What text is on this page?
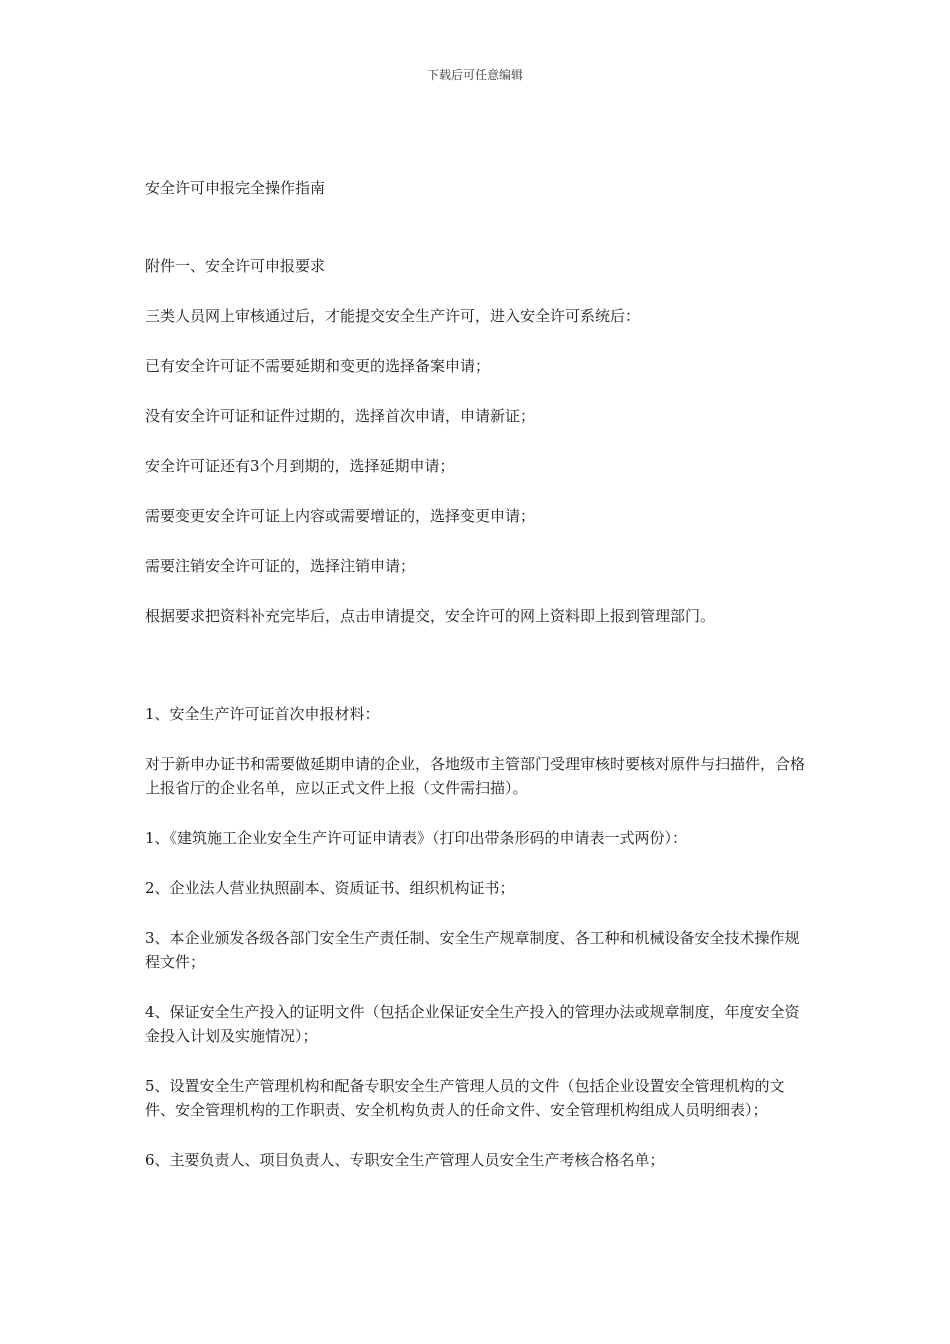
下载后可任意编辑

安全许可申报完全操作指南

附件一、安全许可申报要求

三类人员网上审核通过后，才能提交安全生产许可，进入安全许可系统后：

已有安全许可证不需要延期和变更的选择备案申请；

没有安全许可证和证件过期的，选择首次申请，申请新证；

安全许可证还有3个月到期的，选择延期申请；

需要变更安全许可证上内容或需要增证的，选择变更申请；

需要注销安全许可证的，选择注销申请；

根据要求把资料补充完毕后，点击申请提交，安全许可的网上资料即上报到管理部门。

1、安全生产许可证首次申报材料：

对于新申办证书和需要做延期申请的企业，各地级市主管部门受理审核时要核对原件与扫描件，合格上报省厅的企业名单，应以正式文件上报（文件需扫描）。

1、《建筑施工企业安全生产许可证申请表》（打印出带条形码的申请表一式两份）：

2、企业法人营业执照副本、资质证书、组织机构证书；

3、本企业颁发各级各部门安全生产责任制、安全生产规章制度、各工种和机械设备安全技术操作规程文件；

4、保证安全生产投入的证明文件（包括企业保证安全生产投入的管理办法或规章制度，年度安全资金投入计划及实施情况）；

5、设置安全生产管理机构和配备专职安全生产管理人员的文件（包括企业设置安全管理机构的文件、安全管理机构的工作职责、安全机构负责人的任命文件、安全管理机构组成人员明细表）；

6、主要负责人、项目负责人、专职安全生产管理人员安全生产考核合格名单；
